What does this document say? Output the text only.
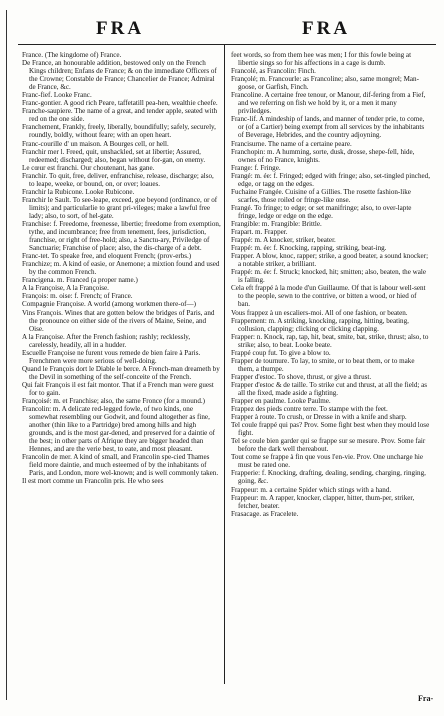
FRA	FRA

France. (The kingdome of) France.

De France, an honourable addition, bestowed only on the French Kings children; Enfans de France; & on the immediate Officers of the Crowne; Constable de France; Chancelier de France; Admiral de France, &c.

Franc-fief. Looke Franc.

Franc-gontier. A good rich Peare, taffetatill pea-hen, wealthie cheefe.

Franche-saupiere. The name of a great, and tender apple, seated with red on the one side.

Franchement, Frankly, freely, liberally, boundifully; safely, securely, roundly, boldly, without feare; with an open heart.

Franc-courille d' un maison. A Bourges cell, or hell.

Franchir mer l. Freed, quit, unshackled, set at libertie; Assured, redeemed; discharged; also, began without for-gan, on enemy.

Le cœur est franchi. Our choutenant, has gane.

Franchir. To quit, free, deliver, enfranchise, release, discharge; also, to leape, weeke, or bound, on, or over; loaues.

Franchir la Rubicone. Looke Rubicone.

Franchir le Sault. To see-leape, exceed, goe beyond (ordinance, or of limits); and particularlie to grant pri-vileges; make a lawful free lady; also, to sort, of hel-gate.

Franchise: f. Freedome, freenesse, libertie; freedome from exemption, tythe, and incumbrance; free from tenement, fees, jurisdiction, franchise, or right of free-hold; also, a Sanctu-ary, Priviledge of Sanctuarie; Franchise of place; also, the dis-charge of a debt.

Franc-tet. To speake free, and eloquent French; (prov-erbs.)

Franchize; m. A kind of easie, or Anemone; a mixtion found and used by the common French.

Francigena. m. Franced (a proper name.)

A la Françoise, A la Françoise.

François: m. oise: f. French; of France.

Compagnie Françoise. A world (among workmen there-of—)

Vins François. Wines that are gotten below the bridges of Paris, and the pronounce on either side of the rivers of Maine, Seine, and Oise.

A la Françoise. After the French fashion; rashly; recklessly, carelessly, headily, all in a hudder.

Escuelle Françoise ne furent vous remede de bien faire à Paris. Frenchmen were more serious of well-doing.

Quand le François dort le Diable le berce. A French-man dreameth by the Devil in something of the self-conceite of the French.

Qui fait François il est fait montor. That if a French man were guest for to gain.

Françoisé: m. et Franchise; also, the same Fronce (for a mound.)

Francolin: m. A delicate red-legged fowle, of two kinds, one somewhat resembling our Godwit, and found altogether as fine, another (thin like to a Partridge) bred among hills and high grounds, and is the most gar-dened, and preserved for a daintie of the best; in other parts of Afrique they are bigger headed than Hennes, and are the verie best, to eate, and most pleasant.

Francolin de mer. A kind of small, and Francolin spe-cied Thames field more daintie, and much esteemed of by the inhabitants of Paris, and London, more wel-known; and is well commonly taken.

Il est mort comme un Francolin pris. He who sees

feet words, so from them hee was men; I for this fowle being at libertie sings so for his affections in a cage is dumb.

Francolé, as Francolin: Finch.

Françolé; m. Francourle: as Francoline; also, same mongrel; Man-goose, or Garfish, Finch.

Francoline. A certaine free tenour, or Manour, dif-fering from a Fief, and we referring on fish we hold by it, or a men it many priviledges.

Franc-lif. A mindeship of lands, and manner of tender prie, to come, or (of a Cartier) being exempt from all services by the inhabitants of Beverage, Hebrides, and the country adjoyning.

Francisurne. The name of a certaine peare.

Franchopin: m. A humming, sorte, dusk, drosse, shepe-fell, hide, ownes of no France, knights.

Frange: f. Fringe.

Frangé: m. ée: f. Fringed; edged with fringe; also, set-tingled pinched, edge, or tagg on the edges.

Fuchaine Frangée. Cuisine of a Gillies. The rosette fashion-like scarfes, those roiled or fringe-like onse.

Frangé. To fringe; to edge; or set manifringe; also, to over-lapte fringe, ledge or edge on the edge.

Frangible: m. Frangible: Brittle.

Frapart. m. Frapper.

Frappé: m. A knocker, striker, beater.

Frappé: m. ée: f. Knocking, rapping, striking, beat-ing.

Frapper. A blow, knoc, rapper; strike, a good beater, a sound knocker; a notable striker, a brilliant.

Frappé: m. ée: f. Struck; knocked, hit; smitten; also, beaten, the wale is falling.

Cela eft frappé à la mode d'un Guillaume. Of that is labour well-sent to the people, sewn to the contrive, or bitten a wood, or hied of ban.

Vous frappez à un escaliers-moi. All of one fashion, or beaten.

Frappement: m. A striking, knocking, rapping, hitting, beating, collusion, clapping; clicking or clicking clapping.

Frapper: n. Knock, rap, tap, hit, beat, smite, bat, strike, thrust; also, to strike; also, to beat. Looke beate.

Frappé coup fut. To give a blow to.

Frapper de tournure. To lay, to smite, or to beat them, or to make them, a thumpe.

Frapper d'estoc. To shove, thrust, or give a thrust.

Frapper d'estoc & de taille. To strike cut and thrust, at all the field; as all the fixed, made aside a fighting.

Frapper en paulme. Looke Paulme.

Frappez des pieds contre terre. To stampe with the feet.

Frapper à route. To crush, or Dresse in with a knife and sharp.

Tel coule frappé qui pas? Prov. Some fight best when they mould lose fight.

Tel se coule bien garder qui se frappe sur se mesure. Prov. Some fair before the dark well thereabout.

Tout come se frappe à fin que vous l'en-vie. Prov. One uncharge hie must be rated one.

Frapperie: f. Knocking, drafting, dealing, sending, charging, ringing, going, &c.

Frappeur: m. a certaine Spider which stings with a hand.

Frappeur: m. A rapper, knocker, clapper, hitter, thum-per, striker, fetcher, beater.

Frasacage. as Fracelete.

Fra-
